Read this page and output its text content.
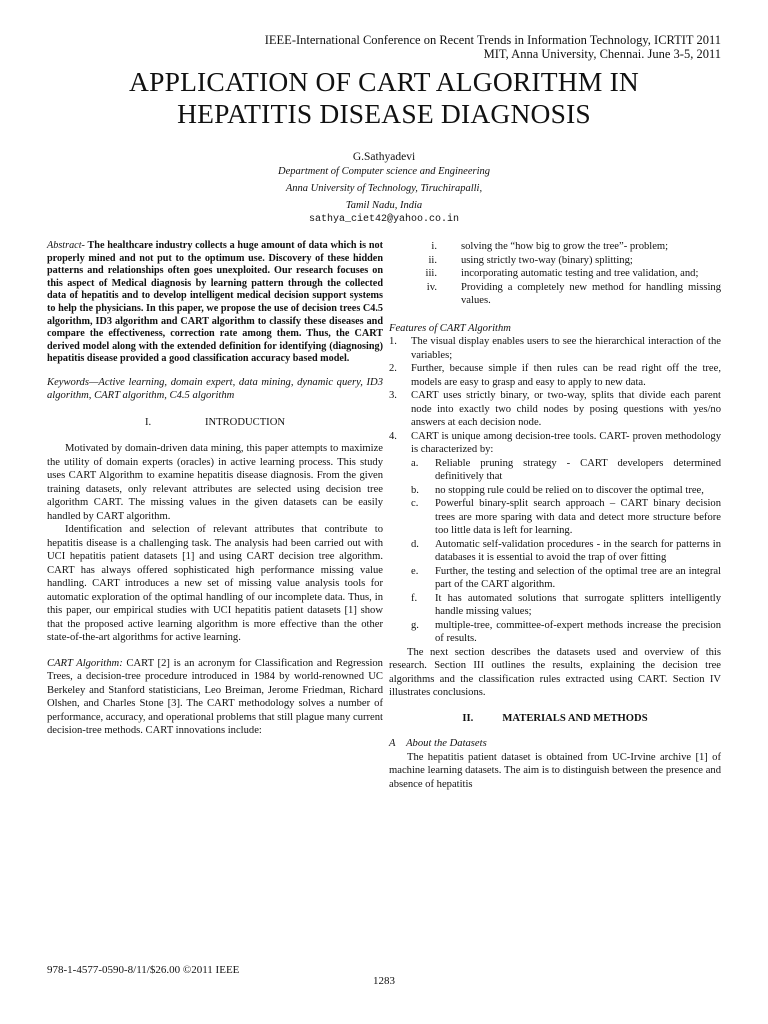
IEEE-International Conference on Recent Trends in Information Technology, ICRTIT 2011
MIT, Anna University, Chennai. June 3-5, 2011
APPLICATION OF CART ALGORITHM IN
HEPATITIS DISEASE DIAGNOSIS
G.Sathyadevi
Department of Computer science and Engineering
Anna University of Technology, Tiruchirapalli,
Tamil Nadu, India
sathya_ciet42@yahoo.co.in

Abstract- The healthcare industry collects a huge amount of data which is not properly mined and not put to the optimum use. Discovery of these hidden patterns and relationships often goes unexploited. Our research focuses on this aspect of Medical diagnosis by learning pattern through the collected data of hepatitis and to develop intelligent medical decision support systems to help the physicians. In this paper, we propose the use of decision trees C4.5 algorithm, ID3 algorithm and CART algorithm to classify these diseases and compare the effectiveness, correction rate among them. Thus, the CART derived model along with the extended definition for identifying (diagnosing) hepatitis disease provided a good classification accuracy based model.

Keywords—Active learning, domain expert, data mining, dynamic query, ID3 algorithm, CART algorithm, C4.5 algorithm

I.	INTRODUCTION

Motivated by domain-driven data mining, this paper attempts to maximize the utility of domain experts (oracles) in active learning process. This study uses CART Algorithm to examine hepatitis disease diagnosis. From the given training datasets, only relevant attributes are selected using decision tree algorithm CART. The missing values in the given datasets can be easily handled by CART algorithm.

Identification and selection of relevant attributes that contribute to hepatitis disease is a challenging task. The analysis had been carried out with UCI hepatitis patient datasets [1] and using CART decision tree algorithm. CART has always offered sophisticated high performance missing value handling. CART introduces a new set of missing value analysis tools for automatic exploration of the optimal handling of our incomplete data. Thus, in this paper, our empirical studies with UCI hepatitis patient datasets [1] show that the proposed active learning algorithm is more effective than the other state-of-the-art algorithms for active learning.

CART Algorithm: CART [2] is an acronym for Classification and Regression Trees, a decision-tree procedure introduced in 1984 by world-renowned UC Berkeley and Stanford statisticians, Leo Breiman, Jerome Friedman, Richard Olshen, and Charles Stone [3]. The CART methodology solves a number of performance, accuracy, and operational problems that still plague many current decision-tree methods. CART innovations include:

i.	solving the “how big to grow the tree”- problem;
ii.	using strictly two-way (binary) splitting;
iii.	incorporating automatic testing and tree validation, and;
iv.	Providing a completely new method for handling missing values.

Features of CART Algorithm

1.	The visual display enables users to see the hierarchical interaction of the variables;
2.	Further, because simple if then rules can be read right off the tree, models are easy to grasp and easy to apply to new data.
3.	CART uses strictly binary, or two-way, splits that divide each parent node into exactly two child nodes by posing questions with yes/no answers at each decision node.
4.	CART is unique among decision-tree tools. CART- proven methodology is characterized by:
a.	Reliable pruning strategy - CART developers determined definitively that
b.	no stopping rule could be relied on to discover the optimal tree,
c.	Powerful binary-split search approach – CART binary decision trees are more sparing with data and detect more structure before too little data is left for learning.
d.	Automatic self-validation procedures - in the search for patterns in databases it is essential to avoid the trap of over fitting
e.	Further, the testing and selection of the optimal tree are an integral part of the CART algorithm.
f.	It has automated solutions that surrogate splitters intelligently handle missing values;
g.	multiple-tree, committee-of-expert methods increase the precision of results.

The next section describes the datasets used and overview of this research. Section III outlines the results, explaining the decision tree algorithms and the classification rules extracted using CART. Section IV illustrates conclusions.

II.	MATERIALS AND METHODS

A About the Datasets

The hepatitis patient dataset is obtained from UC-Irvine archive [1] of machine learning datasets. The aim is to distinguish between the presence and absence of hepatitis

978-1-4577-0590-8/11/$26.00 ©2011 IEEE
1283
